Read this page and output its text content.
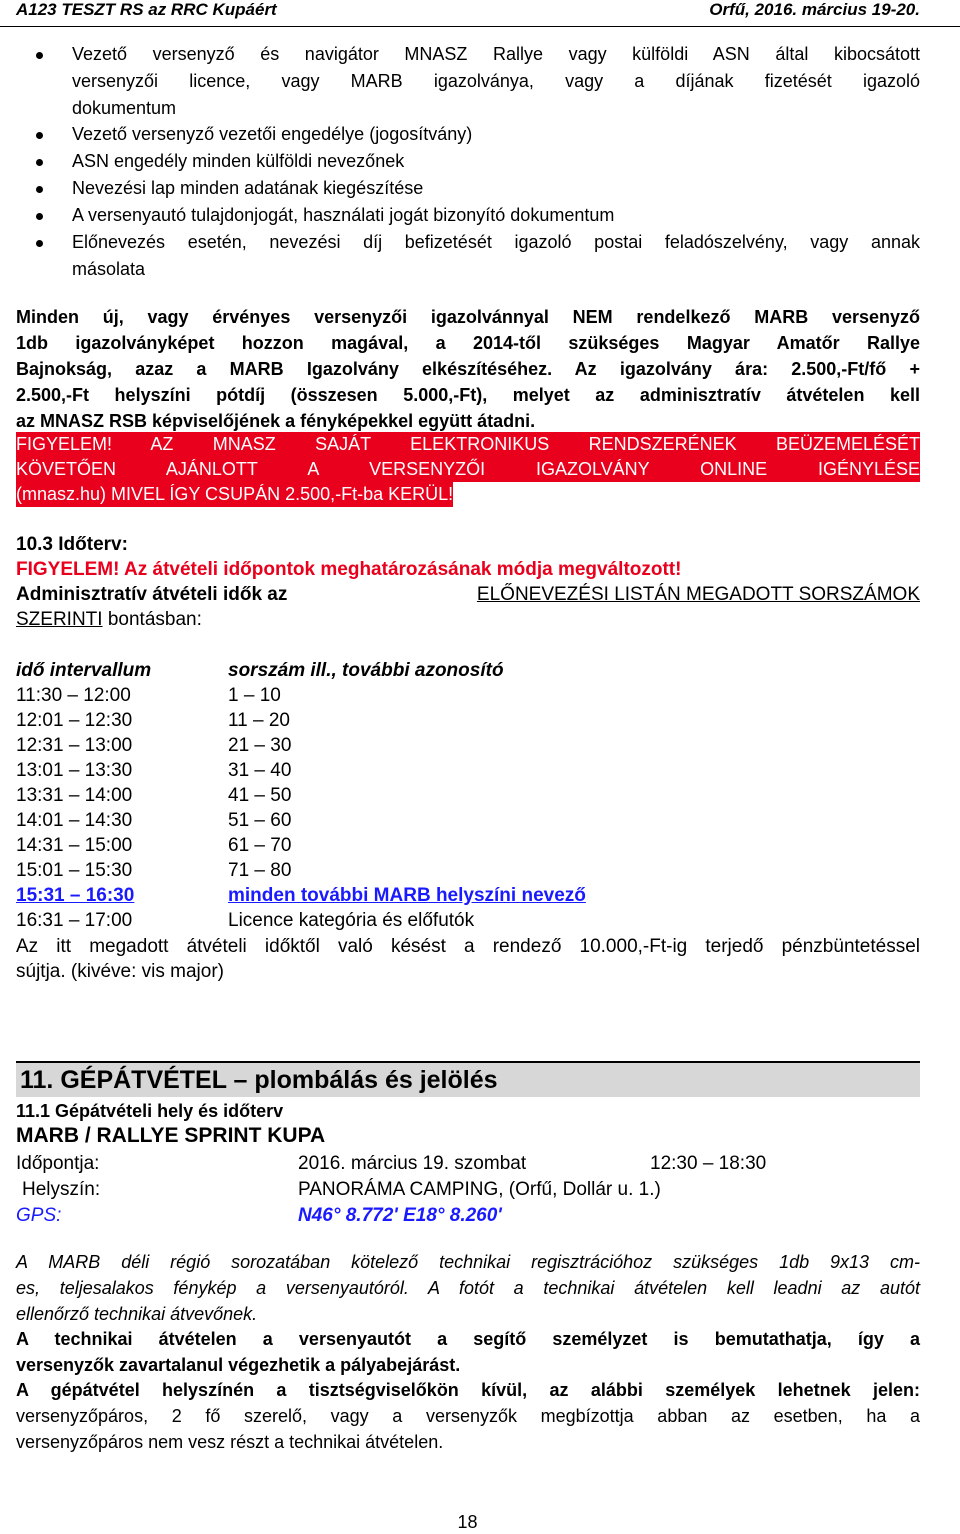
A123 TESZT RS az RRC Kupáért	Orfű, 2016. március 19-20.

Vezető versenyző és navigátor MNASZ Rallye vagy külföldi ASN által kibocsátott

versenyzői licence, vagy MARB igazolványa, vagy a díjának fizetését igazoló

dokumentum

Vezető versenyző vezetői engedélye (jogosítvány)

ASN engedély minden külföldi nevezőnek

Nevezési lap minden adatának kiegészítése

A versenyautó tulajdonjogát, használati jogát bizonyító dokumentum

Előnevezés esetén, nevezési díj befizetését igazoló postai feladószelvény, vagy annak

másolata

Minden új, vagy érvényes versenyzői igazolvánnyal NEM rendelkező MARB versenyző

1db igazolványképet hozzon magával, a 2014-től szükséges Magyar Amatőr Rallye

Bajnokság, azaz a MARB Igazolvány elkészítéséhez. Az igazolvány ára: 2.500,-Ft/fő +

2.500,-Ft helyszíni pótdíj (összesen 5.000,-Ft), melyet az adminisztratív átvételen kell

az MNASZ RSB képviselőjének a fényképekkel együtt átadni.

FIGYELEM! AZ MNASZ SAJÁT ELEKTRONIKUS RENDSZERÉNEK BEÜZEMELÉSÉT

KÖVETŐEN AJÁNLOTT A VERSENYZŐI IGAZOLVÁNY ONLINE IGÉNYLÉSE

(mnasz.hu) MIVEL ÍGY CSUPÁN 2.500,-Ft-ba KERÜL!

10.3 Időterv:

FIGYELEM! Az átvételi időpontok meghatározásának módja megváltozott!

Adminisztratív átvételi idők az	ELŐNEVEZÉSI LISTÁN MEGADOTT SORSZÁMOK

SZERINTI bontásban:

idő intervallum	sorszám ill., további azonosító
11:30 – 12:00	1 – 10
12:01 – 12:30	11 – 20
12:31 – 13:00	21 – 30
13:01 – 13:30	31 – 40
13:31 – 14:00	41 – 50
14:01 – 14:30	51 – 60
14:31 – 15:00	61 – 70
15:01 – 15:30	71 – 80
15:31 – 16:30	minden további MARB helyszíni nevező
16:31 – 17:00	Licence kategória és előfutók

Az itt megadott átvételi időktől való késést a rendező 10.000,-Ft-ig terjedő pénzbüntetéssel

sújtja. (kivéve: vis major)

11. GÉPÁTVÉTEL – plombálás és jelölés

11.1 Gépátvételi hely és időterv

MARB / RALLYE SPRINT KUPA

Időpontja:	2016. március 19. szombat	12:30 – 18:30

Helyszín:	PANORÁMA CAMPING, (Orfű, Dollár u. 1.)

GPS:	N46° 8.772' E18° 8.260'

A MARB déli régió sorozatában kötelező technikai regisztrációhoz szükséges 1db 9x13 cm-

es, teljesalakos fénykép a versenyautóról. A fotót a technikai átvételen kell leadni az autót

ellenőrző technikai átvevőnek.

A technikai átvételen a versenyautót a segítő személyzet is bemutathatja, így a

versenyzők zavartalanul végezhetik a pályabejárást.

A gépátvétel helyszínén a tisztségviselőkön kívül, az alábbi személyek lehetnek jelen:

versenyzőpáros, 2 fő szerelő, vagy a versenyzők megbízottja abban az esetben, ha a

versenyzőpáros nem vesz részt a technikai átvételen.

18
